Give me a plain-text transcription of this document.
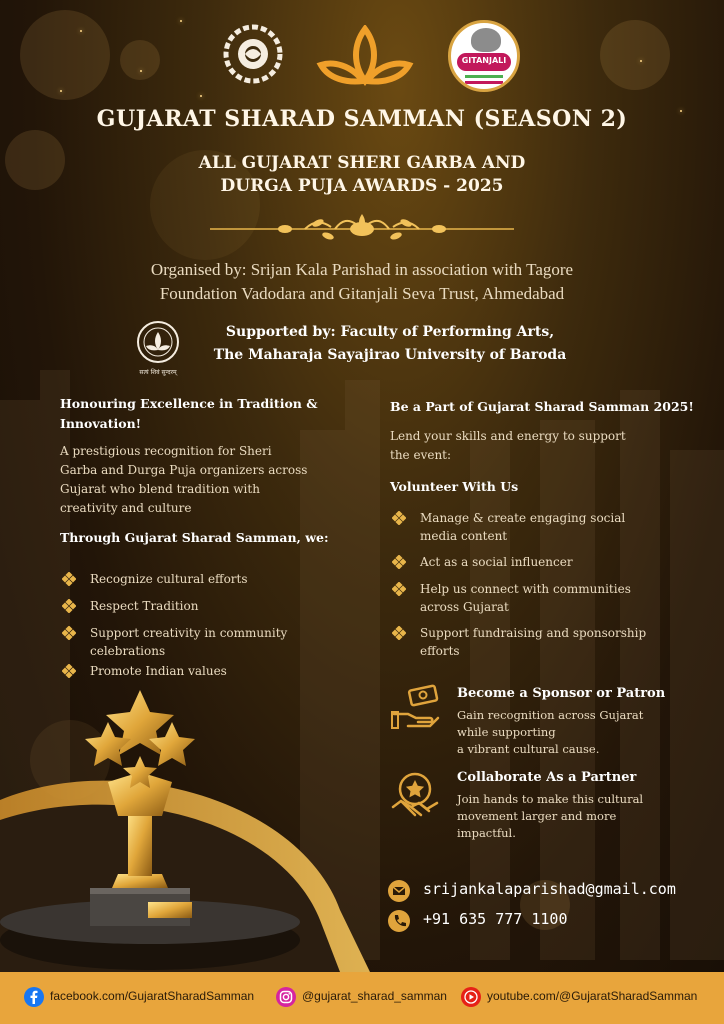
GITANJALI
GUJARAT SHARAD SAMMAN (SEASON 2)
ALL GUJARAT SHERI GARBA AND
DURGA PUJA AWARDS - 2025
Organised by: Srijan Kala Parishad in association with Tagore
Foundation Vadodara and Gitanjali Seva Trust, Ahmedabad
सत्यं शिवं सुन्दरम्
Supported by: Faculty of Performing Arts,
The Maharaja Sayajirao University of Baroda
Honouring Excellence in Tradition & Innovation!
A prestigious recognition for Sheri Garba and Durga Puja organizers across Gujarat who blend tradition with creativity and culture
Through Gujarat Sharad Samman, we:
Recognize cultural efforts
Respect Tradition
Support creativity in community celebrations
Promote Indian values
Be a Part of Gujarat Sharad Samman 2025!
Lend your skills and energy to support the event:
Volunteer With Us
Manage & create engaging social media content
Act as a social influencer
Help us connect with communities across Gujarat
Support fundraising and sponsorship efforts
Become a Sponsor or Patron
Gain recognition across Gujarat
while supporting
a vibrant cultural cause.
Collaborate As a Partner
Join hands to make this cultural movement larger and more impactful.
srijankalaparishad@gmail.com
+91 635 777 1100
facebook.com/GujaratSharadSamman	@gujarat_sharad_samman	youtube.com/@GujaratSharadSamman
